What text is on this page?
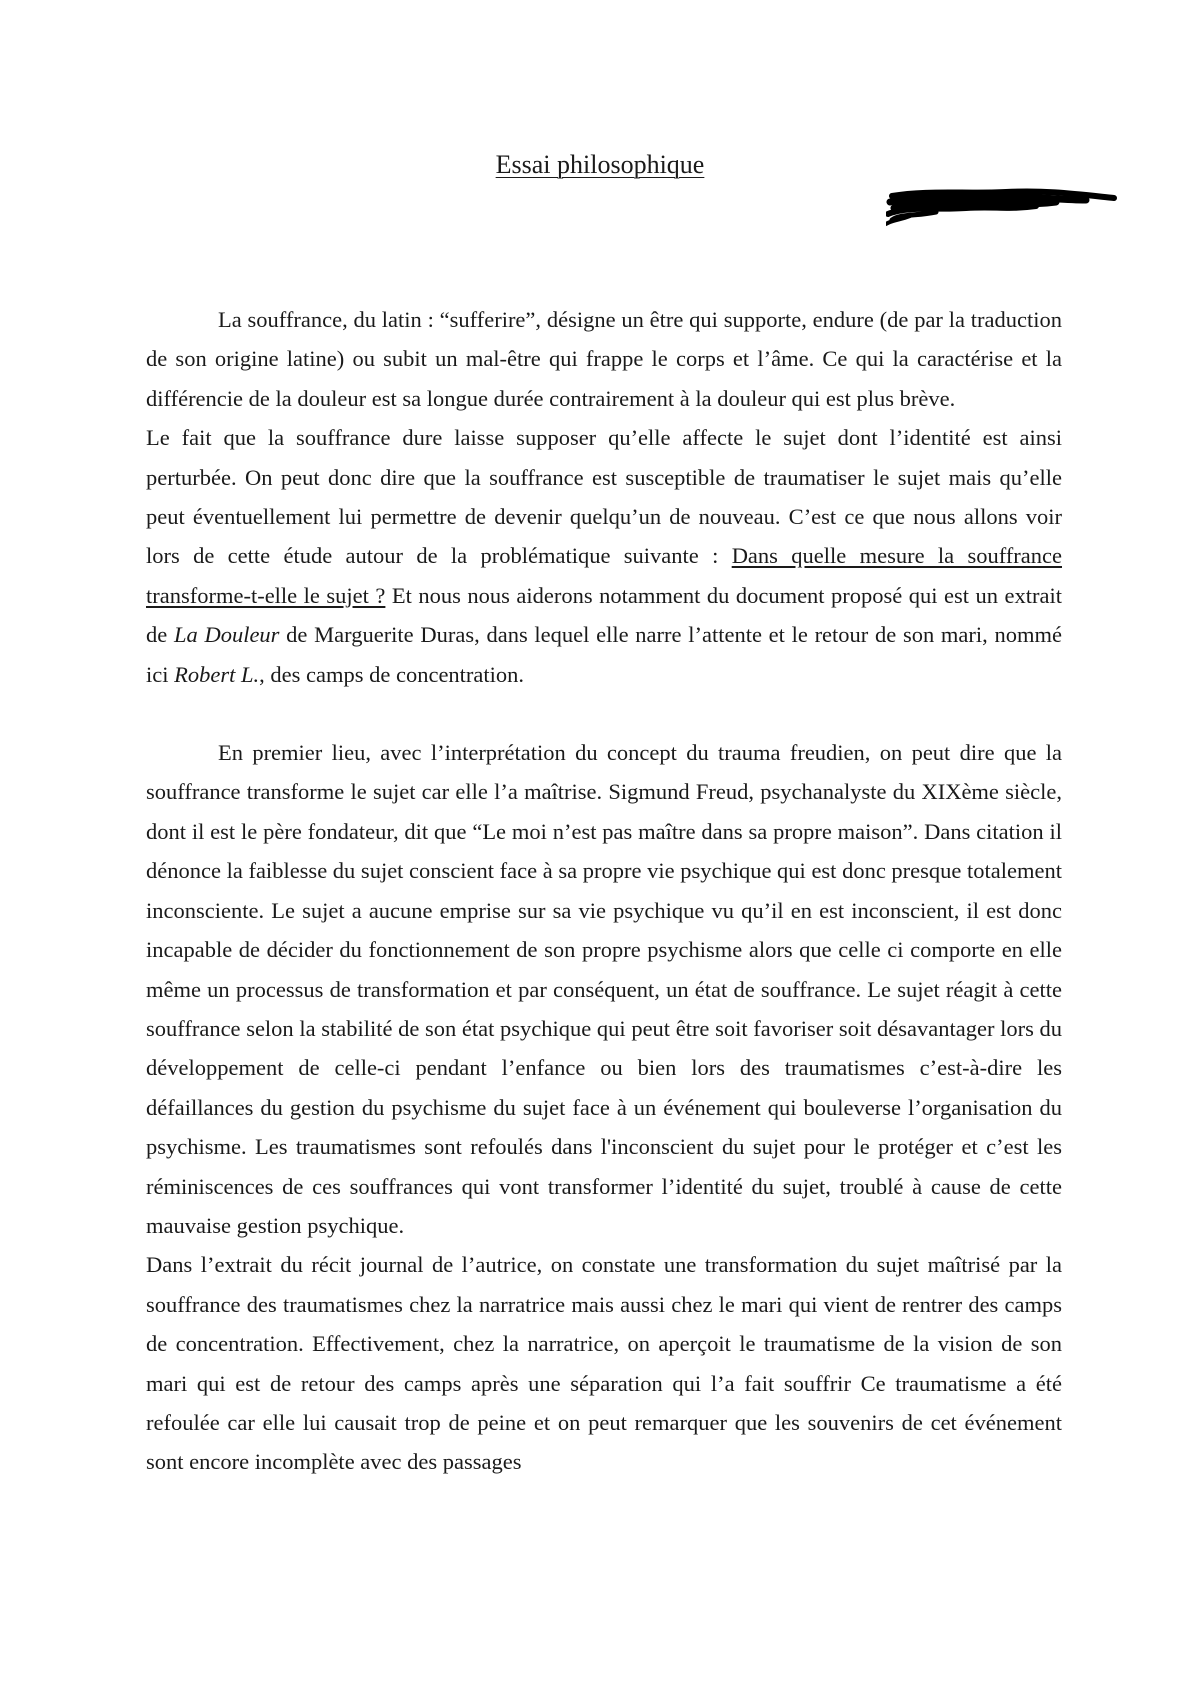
Essai philosophique

La souffrance, du latin : “sufferire”, désigne un être qui supporte, endure (de par la traduction de son origine latine) ou subit un mal-être qui frappe le corps et l’âme. Ce qui la caractérise et la différencie de la douleur est sa longue durée contrairement à la douleur qui est plus brève.

Le fait que la souffrance dure laisse supposer qu’elle affecte le sujet dont l’identité est ainsi perturbée. On peut donc dire que la souffrance est susceptible de traumatiser le sujet mais qu’elle peut éventuellement lui permettre de devenir quelqu’un de nouveau. C’est ce que nous allons voir lors de cette étude autour de la problématique suivante : Dans quelle mesure la souffrance transforme-t-elle le sujet ? Et nous nous aiderons notamment du document proposé qui est un extrait de La Douleur de Marguerite Duras, dans lequel elle narre l’attente et le retour de son mari, nommé ici Robert L., des camps de concentration.

En premier lieu, avec l’interprétation du concept du trauma freudien, on peut dire que la souffrance transforme le sujet car elle l’a maîtrise. Sigmund Freud, psychanalyste du XIXème siècle, dont il est le père fondateur, dit que “Le moi n’est pas maître dans sa propre maison”. Dans citation il dénonce la faiblesse du sujet conscient face à sa propre vie psychique qui est donc presque totalement inconsciente. Le sujet a aucune emprise sur sa vie psychique vu qu’il en est inconscient, il est donc incapable de décider du fonctionnement de son propre psychisme alors que celle ci comporte en elle même un processus de transformation et par conséquent, un état de souffrance. Le sujet réagit à cette souffrance selon la stabilité de son état psychique qui peut être soit favoriser soit désavantager lors du développement de celle-ci pendant l’enfance ou bien lors des traumatismes c’est-à-dire les défaillances du gestion du psychisme du sujet face à un événement qui bouleverse l’organisation du psychisme. Les traumatismes sont refoulés dans l'inconscient du sujet pour le protéger et c’est les réminiscences de ces souffrances qui vont transformer l’identité du sujet, troublé à cause de cette mauvaise gestion psychique.

Dans l’extrait du récit journal de l’autrice, on constate une transformation du sujet maîtrisé par la souffrance des traumatismes chez la narratrice mais aussi chez le mari qui vient de rentrer des camps de concentration. Effectivement, chez la narratrice, on aperçoit le traumatisme de la vision de son mari qui est de retour des camps après une séparation qui l’a fait souffrir Ce traumatisme a été refoulée car elle lui causait trop de peine et on peut remarquer que les souvenirs de cet événement sont encore incomplète avec des passages
